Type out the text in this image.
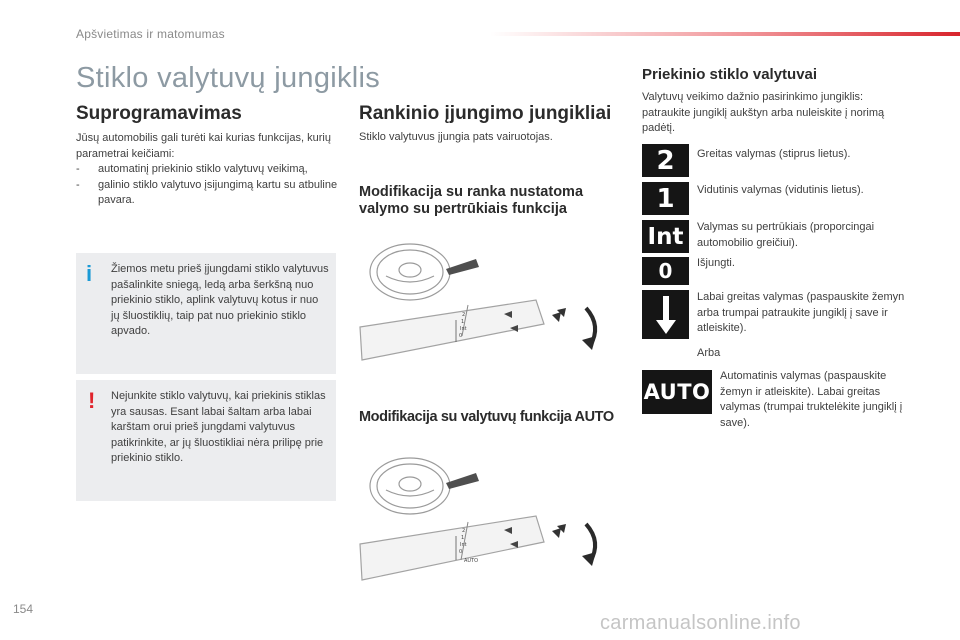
Apšvietimas ir matomumas
Stiklo valytuvų jungiklis
Suprogramavimas

Jūsų automobilis gali turėti kai kurias funkcijas, kurių parametrai keičiami:

- automatinį priekinio stiklo valytuvų veikimą,
- galinio stiklo valytuvo įsijungimą kartu su atbuline pavara.
i Žiemos metu prieš įjungdami stiklo valytuvus pašalinkite sniegą, ledą arba šerkšną nuo priekinio stiklo, aplink valytuvų kotus ir nuo jų šluostiklių, taip pat nuo priekinio stiklo apvado.

! Nejunkite stiklo valytuvų, kai priekinis stiklas yra sausas. Esant labai šaltam arba labai karštam orui prieš jungdami valytuvus patikrinkite, ar jų šluostikliai nėra prilipę prie priekinio stiklo.

Rankinio įjungimo jungikliai

Stiklo valytuvus įjungia pats vairuotojas.

Modifikacija su ranka nustatoma valymo su pertrūkiais funkcija
2
1
Int
0
Modifikacija su valytuvų funkcija AUTO
2
1
Int
0
AUTO
Priekinio stiklo valytuvai

Valytuvų veikimo dažnio pasirinkimo jungiklis: patraukite jungiklį aukštyn arba nuleiskite į norimą padėtį.

2 Greitas valymas (stiprus lietus).

1 Vidutinis valymas (vidutinis lietus).

Int Valymas su pertrūkiais (proporcingai automobilio greičiui).

0 Išjungti.

Labai greitas valymas (paspauskite žemyn arba trumpai patraukite jungiklį į save ir atleiskite).

Arba

AUTO

Automatinis valymas (paspauskite žemyn ir atleiskite). Labai greitas valymas (trumpai truktelėkite jungiklį į save).

154
carmanualsonline.info
